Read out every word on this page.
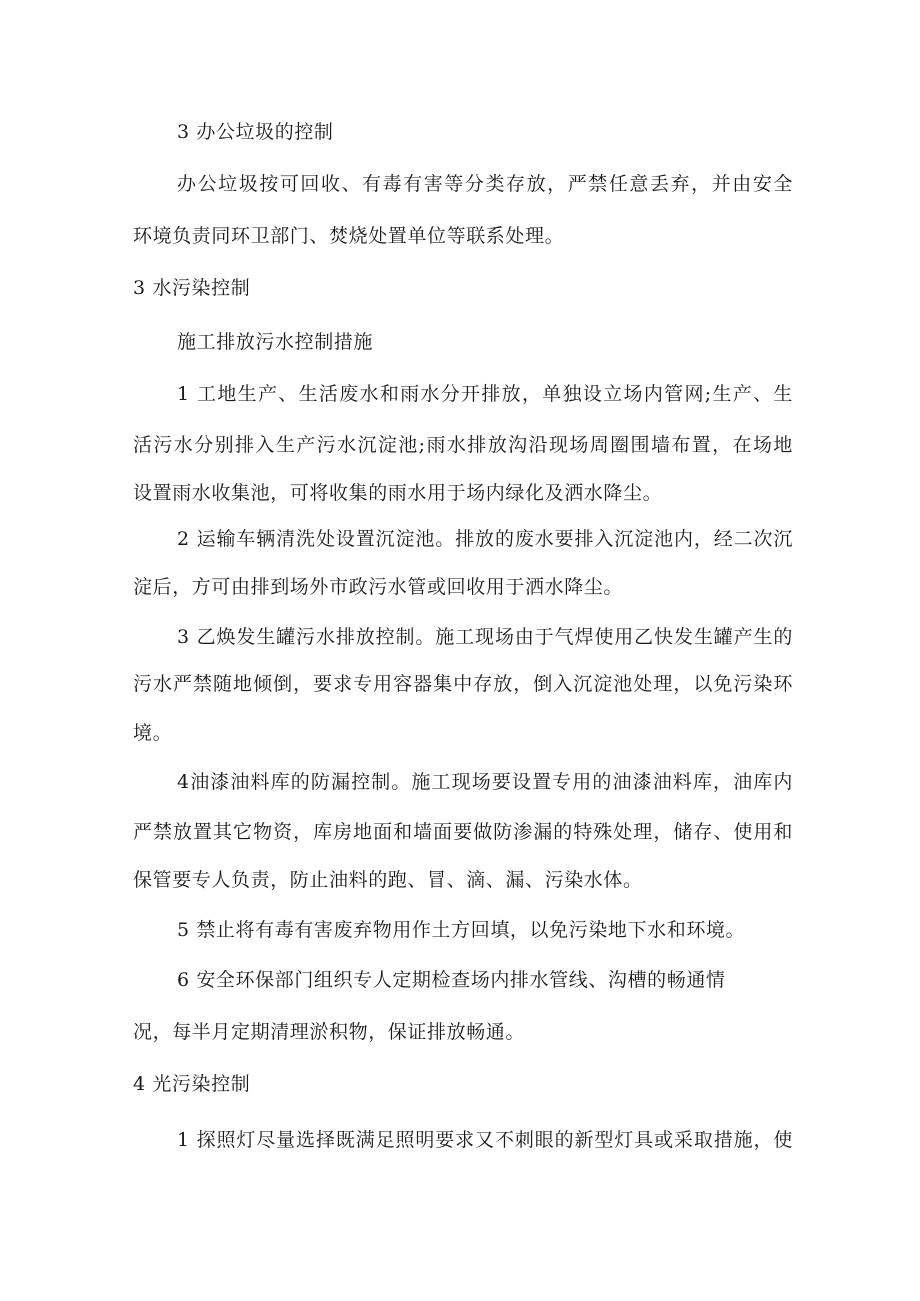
3 办公垃圾的控制
办公垃圾按可回收、有毒有害等分类存放，严禁任意丢弃，并由安全
环境负责同环卫部门、焚烧处置单位等联系处理。
3 水污染控制
施工排放污水控制措施
1 工地生产、生活废水和雨水分开排放，单独设立场内管网;生产、生
活污水分别排入生产污水沉淀池;雨水排放沟沿现场周圈围墙布置，在场地
设置雨水收集池，可将收集的雨水用于场内绿化及洒水降尘。
2 运输车辆清洗处设置沉淀池。排放的废水要排入沉淀池内，经二次沉
淀后，方可由排到场外市政污水管或回收用于洒水降尘。
3 乙焕发生罐污水排放控制。施工现场由于气焊使用乙快发生罐产生的
污水严禁随地倾倒，要求专用容器集中存放，倒入沉淀池处理，以免污染环
境。
4油漆油料库的防漏控制。施工现场要设置专用的油漆油料库，油库内
严禁放置其它物资，库房地面和墙面要做防渗漏的特殊处理，储存、使用和
保管要专人负责，防止油料的跑、冒、滴、漏、污染水体。
5 禁止将有毒有害废弃物用作土方回填，以免污染地下水和环境。
6 安全环保部门组织专人定期检查场内排水管线、沟槽的畅通情
况，每半月定期清理淤积物，保证排放畅通。
4 光污染控制
1 探照灯尽量选择既满足照明要求又不刺眼的新型灯具或采取措施，使
